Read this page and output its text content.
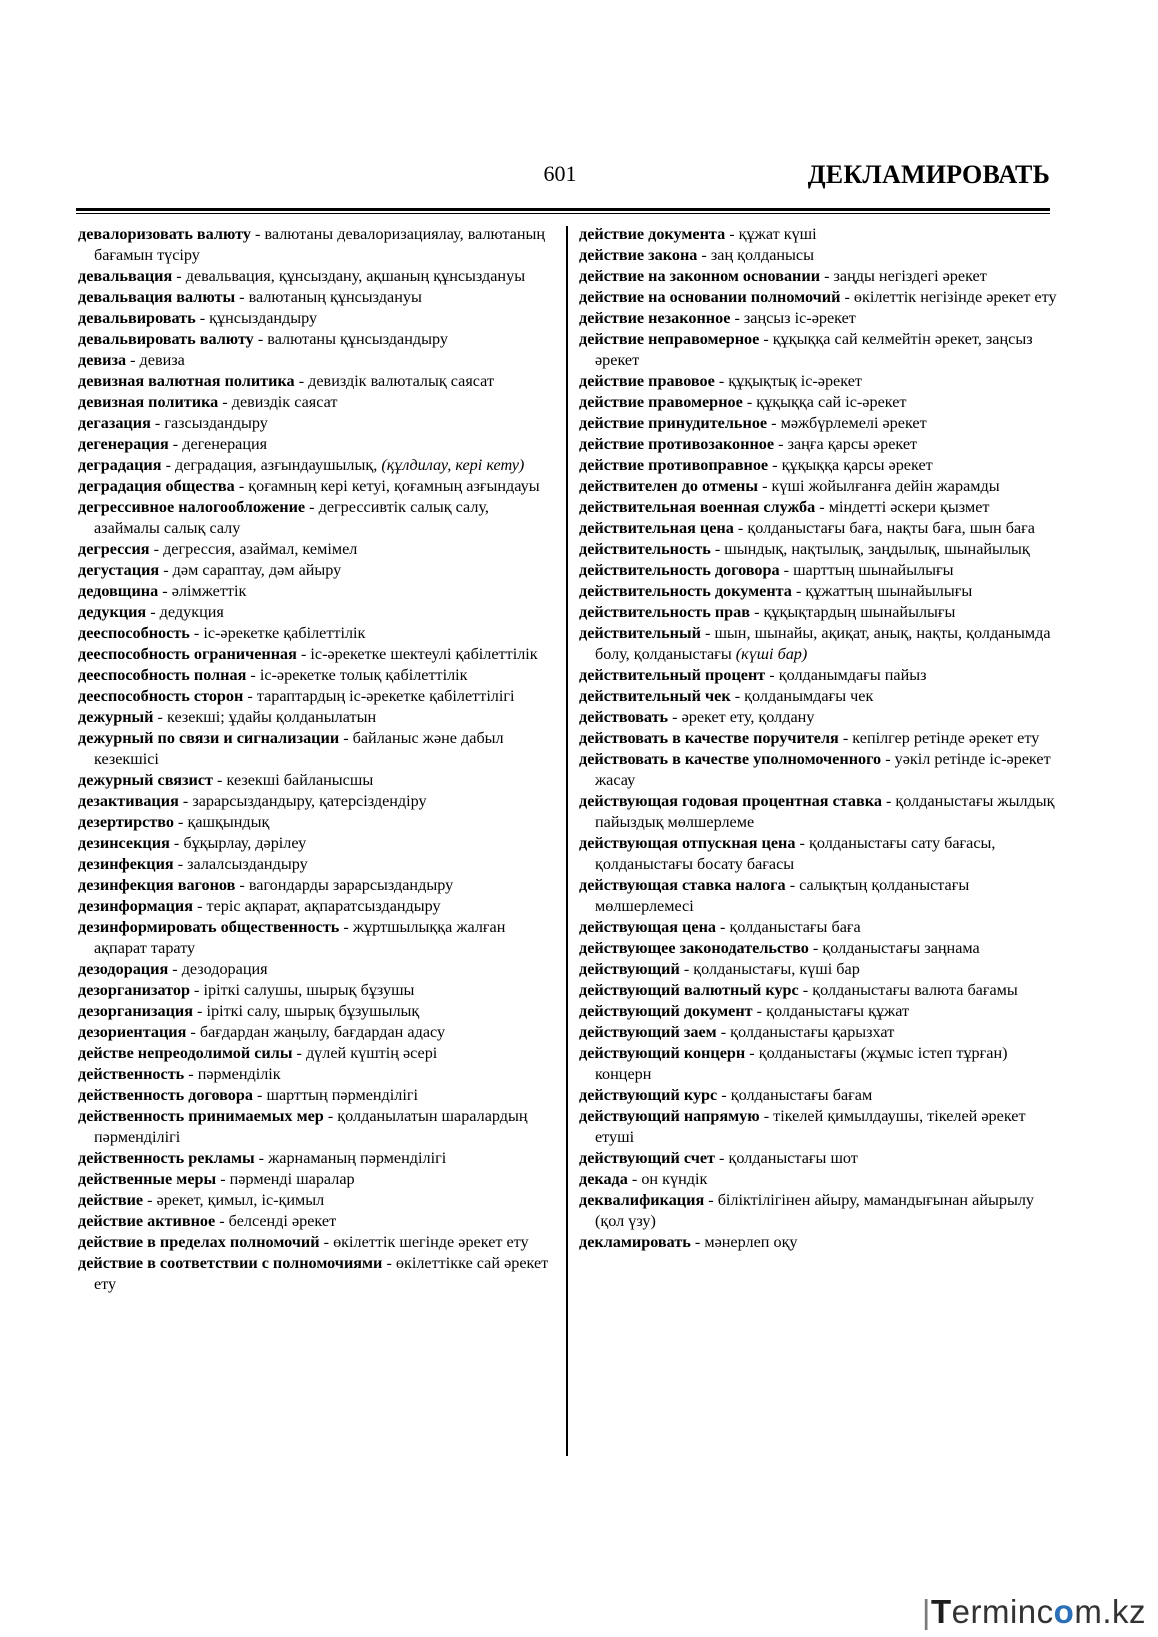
601	ДЕКЛАМИРОВАТЬ
девалоризовать валюту - валютаны девалоризациялау, валютаның бағамын түсіру
девальвация - девальвация, құнсыздану, ақшаның құнсыздануы
девальвация валюты - валютаның құнсыздануы
девальвировать - құнсыздандыру
девальвировать валюту - валютаны құнсыздандыру
девиза - девиза
девизная валютная политика - девиздік валюталық саясат
девизная политика - девиздік саясат
дегазация - газсыздандыру
дегенерация - дегенерация
деградация - деградация, азғындаушылық, (құлдилау, кері кету)
деградация общества - қоғамның кері кетуі, қоғамның азғындауы
дегрессивное налогообложение - дегрессивтік салық салу, азаймалы салық салу
дегрессия - дегрессия, азаймал, кемімел
дегустация - дәм сараптау, дәм айыру
дедовщина - әлімжеттік
дедукция - дедукция
дееспособность - іс-әрекетке қабілеттілік
дееспособность ограниченная - іс-әрекетке шектеулі қабілеттілік
дееспособность полная - іс-әрекетке толық қабілеттілік
дееспособность сторон - тараптардың іс-әрекетке қабілеттілігі
дежурный - кезекші; ұдайы қолданылатын
дежурный по связи и сигнализации - байланыс және дабыл кезекшісі
дежурный связист - кезекші байланысшы
дезактивация - зарарсыздандыру, қатерсіздендіру
дезертирство - қашқындық
дезинсекция - бұқырлау, дәрілеу
дезинфекция - залалсыздандыру
дезинфекция вагонов - вагондарды зарарсыздандыру
дезинформация - теріс ақпарат, ақпаратсыздандыру
дезинформировать общественность - жұртшылыққа жалған ақпарат тарату
дезодорация - дезодорация
дезорганизатор - іріткі салушы, шырық бұзушы
дезорганизация - іріткі салу, шырық бұзушылық
дезориентация - бағдардан жаңылу, бағдардан адасу
действе непреодолимой силы - дүлей күштің әсері
действенность - пәрменділік
действенность договора - шарттың пәрменділігі
действенность принимаемых мер - қолданылатын шаралардың пәрменділігі
действенность рекламы - жарнаманың пәрменділігі
действенные меры - пәрменді шаралар
действие - әрекет, қимыл, іс-қимыл
действие активное - белсенді әрекет
действие в пределах полномочий - өкілеттік шегінде әрекет ету
действие в соответствии с полномочиями - өкілеттікке сай әрекет ету
действие документа - құжат күші
действие закона - заң қолданысы
действие на законном основании - заңды негіздегі әрекет
действие на основании полномочий - өкілеттік негізінде әрекет ету
действие незаконное - заңсыз іс-әрекет
действие неправомерное - құқыққа сай келмейтін әрекет, заңсыз әрекет
действие правовое - құқықтық іс-әрекет
действие правомерное - құқыққа сай іс-әрекет
действие принудительное - мәжбүрлемелі әрекет
действие противозаконное - заңға қарсы әрекет
действие противоправное - құқыққа қарсы әрекет
действителен до отмены - күші жойылғанға дейін жарамды
действительная военная служба - міндетті әскери қызмет
действительная цена - қолданыстағы баға, нақты баға, шын баға
действительность - шындық, нақтылық, заңдылық, шынайылық
действительность договора - шарттың шынайылығы
действительность документа - құжаттың шынайылығы
действительность прав - құқықтардың шынайылығы
действительный - шын, шынайы, ақиқат, анық, нақты, қолданымда болу, қолданыстағы (күші бар)
действительный процент - қолданымдағы пайыз
действительный чек - қолданымдағы чек
действовать - әрекет ету, қолдану
действовать в качестве поручителя - кепілгер ретінде әрекет ету
действовать в качестве уполномоченного - уәкіл ретінде іс-әрекет жасау
действующая годовая процентная ставка - қолданыстағы жылдық пайыздық мөлшерлеме
действующая отпускная цена - қолданыстағы сату бағасы, қолданыстағы босату бағасы
действующая ставка налога - салықтың қолданыстағы мөлшерлемесі
действующая цена - қолданыстағы баға
действующее законодательство - қолданыстағы заңнама
действующий - қолданыстағы, күші бар
действующий валютный курс - қолданыстағы валюта бағамы
действующий документ - қолданыстағы құжат
действующий заем - қолданыстағы қарызхат
действующий концерн - қолданыстағы (жұмыс істеп тұрған) концерн
действующий курс - қолданыстағы бағам
действующий напрямую - тікелей қимылдаушы, тікелей әрекет етуші
действующий счет - қолданыстағы шот
декада - он күндік
деквалификация - біліктілігінен айыру, мамандығынан айырылу (қол үзу)
декламировать - мәнерлеп оқу
|Termincom.kz
